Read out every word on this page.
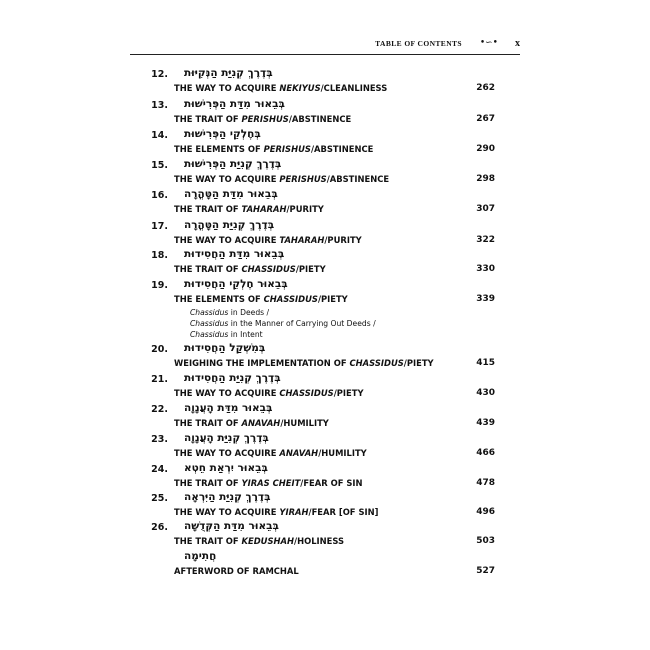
TABLE OF CONTENTS •∽• x
12. בְּדֶרֶךְ קְנִיַּת הַנְּקִיּוּת
THE WAY TO ACQUIRE NEKIYUS/CLEANLINESS	262
13. בְּבֵאוּר מִדַּת הַפְּרִישׁוּת
THE TRAIT OF PERISHUS/ABSTINENCE	267
14. בְּחֶלְקֵי הַפְּרִישׁוּת
THE ELEMENTS OF PERISHUS/ABSTINENCE	290
15. בְּדֶרֶךְ קְנִיַּת הַפְּרִישׁוּת
THE WAY TO ACQUIRE PERISHUS/ABSTINENCE	298
16. בְּבֵאוּר מִדַּת הַטָּהֳרָה
THE TRAIT OF TAHARAH/PURITY	307
17. בְּדֶרֶךְ קְנִיַּת הַטָּהֳרָה
THE WAY TO ACQUIRE TAHARAH/PURITY	322
18. בְּבֵאוּר מִדַּת הַחֲסִידוּת
THE TRAIT OF CHASSIDUS/PIETY	330
19. בְּבֵאוּר חֶלְקֵי הַחֲסִידוּת
THE ELEMENTS OF CHASSIDUS/PIETY	339
Chassidus in Deeds /
Chassidus in the Manner of Carrying Out Deeds /
Chassidus in Intent
20. בְּמִשְׁקַל הַחֲסִידוּת
WEIGHING THE IMPLEMENTATION OF CHASSIDUS/PIETY	415
21. בְּדֶרֶךְ קְנִיַּת הַחֲסִידוּת
THE WAY TO ACQUIRE CHASSIDUS/PIETY	430
22. בְּבֵאוּר מִדַּת הָעֲנָוָה
THE TRAIT OF ANAVAH/HUMILITY	439
23. בְּדֶרֶךְ קְנִיַּת הָעֲנָוָה
THE WAY TO ACQUIRE ANAVAH/HUMILITY	466
24. בְּבֵאוּר יִרְאַת חֵטְא
THE TRAIT OF YIRAS CHEIT/FEAR OF SIN	478
25. בְּדֶרֶךְ קְנִיַּת הַיִּרְאָה
THE WAY TO ACQUIRE YIRAH/FEAR [OF SIN]	496
26. בְּבֵאוּר מִדַּת הַקְּדֻשָּׁה
THE TRAIT OF KEDUSHAH/HOLINESS	503
חֲתִימָה
AFTERWORD OF RAMCHAL	527
